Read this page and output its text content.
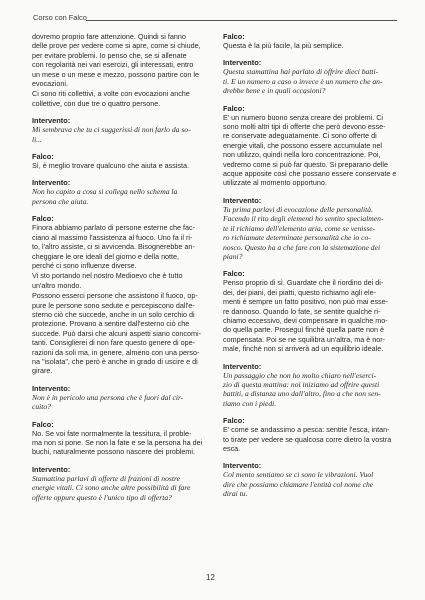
Corso con Falco
dovremo proprio fare attenzione. Quindi si fanno
delle prove per vedere come si apre, come si chiude,
per evitare problemi. Io penso che, se si allenate
con regolarità nei vari esercizi, gli interessati, entro
un mese o un mese e mezzo, possono partire con le
evocazioni.
Ci sono riti collettivi, a volte con evocazioni anche
collettive, con due tre o quattro persone.
Intervento:
Mi sembrava che tu ci suggerissi di non farlo da so-
li...
Falco:
Sì, è meglio trovare qualcuno che aiuta e assista.
Intervento:
Non ho capito a cosa si collega nello schema la
persona che aiuta.
Falco:
Finora abbiamo parlato di persone esterne che fac-
ciano al massimo l'assistenza al fuoco. Uno fa il ri-
to, l'altro assiste, ci si avvicenda. Bisognerebbe an-
cheggiare le ore ideali del giorno e della notte,
perché ci sono influenze diverse.
Vi sto portando nel nostro Medioevo che è tutto
un'altro mondo.
Possono esserci persone che assistono il fuoco, op-
pure le persone sono sedute e percepiscono dall'e-
sterno ciò che succede, anche in un solo cerchio di
protezione. Provano a sentire dall'esterno ciò che
succede. Può darsi che alcuni aspetti siano concomi-
tanti. Consiglierei di non fare questo genere di ope-
razioni da soli ma, in genere, almeno con una perso-
na "isolata", che però è anche in grado di uscire e di
girare.
Intervento:
Non è in pericolo una persona che è fuori dal cir-
cuito?
Falco:
No. Se voi fate normalmente la tessitura, il proble-
ma non si pone. Se non la fate e se la persona ha dei
buchi, naturalmente possono nascere dei problemi.
Intervento:
Stamattina parlavi di offerte di frazioni di nostre
energie vitali. Ci sono anche altre possibilità di fare
offerte oppure questo è l'unico tipo di offerta?
Falco:
Questa è la più facile, la più semplice.
Intervento:
Questa stamattina hai parlato di offrire dieci batti-
ti. E un numero a caso o invece è un numero che an-
drebbe bene e in quali occasioni?
Falco:
E' un numero buono senza creare dei problemi. Ci
sono molti altri tipi di offerte che però devono esse-
re conservate adeguatamente. Ci sono offerte di
energie vitali, che possono essere accumulate nel
non utilizzo, quindi nella loro concentrazione. Poi,
vedremo come si può far questo. Si preparano delle
acque apposite così che possano essere conservate e
utilizzate al momento opportuno.
Intervento:
Tu prima parlavi di evocazione delle personalità.
Facendo il rito degli elementi ho sentito specialmen-
te il richiamo dell'elemento aria, come se venisse-
ro richiamate determinate personalità che io co-
nosco. Questo ha a che fare con la sistemazione dei
piani?
Falco:
Penso proprio di sì. Guardate che il riordino dei di-
dei, dei piani, dei piatti, questo richiamo agli ele-
menti è sempre un fatto positivo, non può mai esse-
re dannoso. Quando lo fate, se sentite qualche ri-
chiamo eccessivo, devi compensare in qualche mo-
do quella parte. Proseguì finché quella parte non è
compensata. Poi se ne squilibra un'altra, ma è nor-
male, finché non si arriverà ad un equilibrio ideale.
Intervento:
Un passaggio che non ho molto chiaro nell'eserci-
zio di questa mattina: noi iniziamo ad offrire questi
battiti, a distanza uno dall'altro, fino a che non sen-
tiamo con i piedi.
Falco:
E' come se andassimo a pesca: sentite l'esca, intan-
to tirate per vedere se qualcosa corre dietro la vostra
esca.
Intervento:
Col mento sentiamo se ci sono le vibrazioni. Vuol
dire che possiamo chiamare l'entità col nome che
dirai tu.
12
